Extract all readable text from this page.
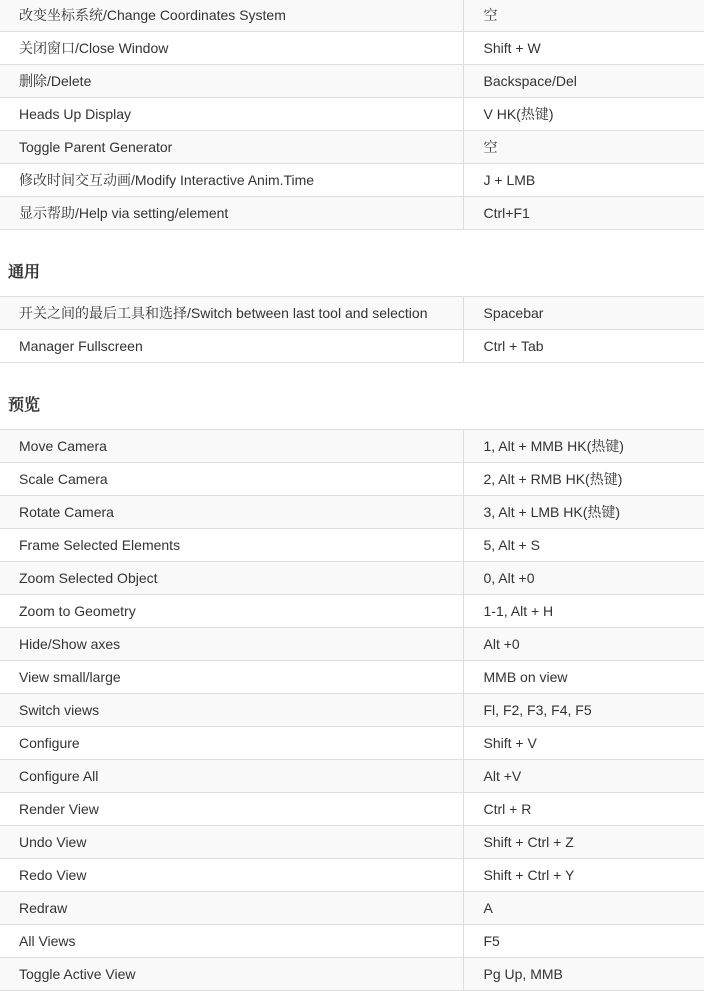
改变坐标系统/Change Coordinates System	空
关闭窗口/Close Window	Shift + W
删除/Delete	Backspace/Del
Heads Up Display	V HK(热键)
Toggle Parent Generator	空
修改时间交互动画/Modify Interactive Anim.Time	J + LMB
显示帮助/Help via setting/element	Ctrl+F1
通用
开关之间的最后工具和选择/Switch between last tool and selection	Spacebar
Manager Fullscreen	Ctrl + Tab
预览
Move Camera	1, Alt + MMB HK(热键)
Scale Camera	2, Alt + RMB HK(热键)
Rotate Camera	3, Alt + LMB HK(热键)
Frame Selected Elements	5, Alt + S
Zoom Selected Object	0, Alt +0
Zoom to Geometry	1-1, Alt + H
Hide/Show axes	Alt +0
View small/large	MMB on view
Switch views	Fl, F2, F3, F4, F5
Configure	Shift + V
Configure All	Alt +V
Render View	Ctrl + R
Undo View	Shift + Ctrl + Z
Redo View	Shift + Ctrl + Y
Redraw	A
All Views	F5
Toggle Active View	Pg Up, MMB
